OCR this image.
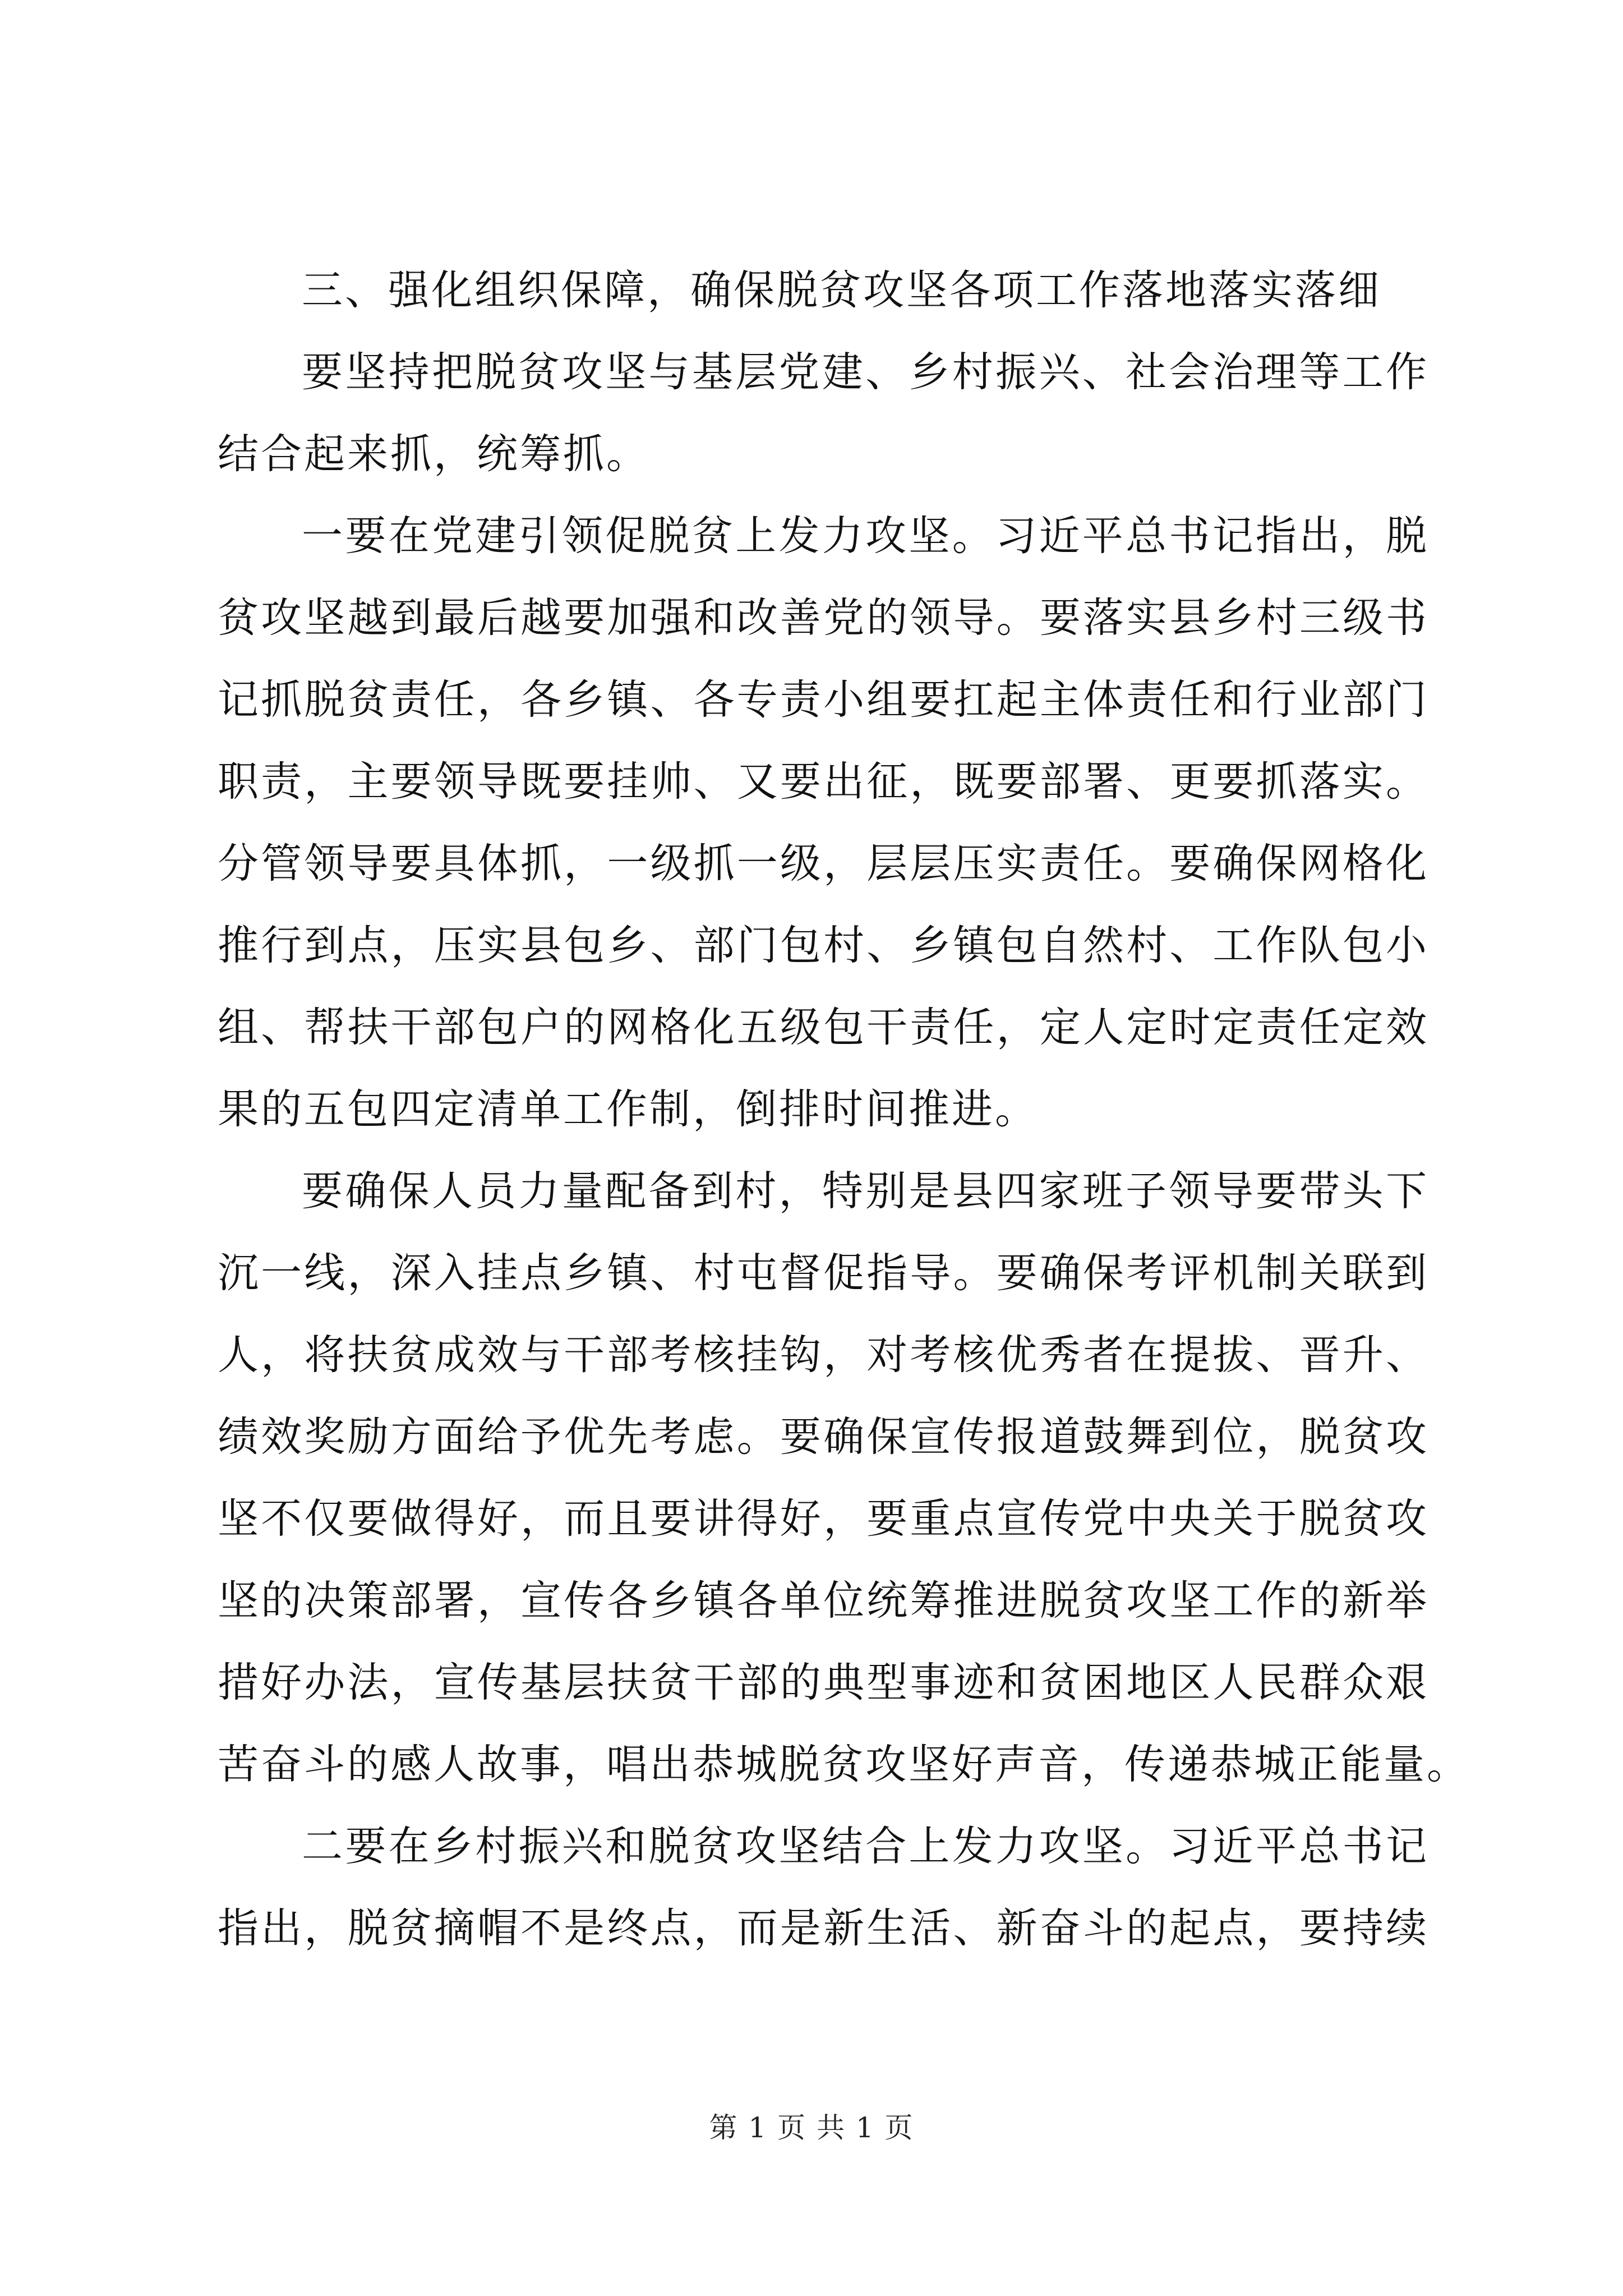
三、强化组织保障，确保脱贫攻坚各项工作落地落实落细
要坚持把脱贫攻坚与基层党建、乡村振兴、社会治理等工作
结合起来抓，统筹抓。
一要在党建引领促脱贫上发力攻坚。习近平总书记指出，脱
贫攻坚越到最后越要加强和改善党的领导。要落实县乡村三级书
记抓脱贫责任，各乡镇、各专责小组要扛起主体责任和行业部门
职责，主要领导既要挂帅、又要出征，既要部署、更要抓落实。
分管领导要具体抓，一级抓一级，层层压实责任。要确保网格化
推行到点，压实县包乡、部门包村、乡镇包自然村、工作队包小
组、帮扶干部包户的网格化五级包干责任，定人定时定责任定效
果的五包四定清单工作制，倒排时间推进。
要确保人员力量配备到村，特别是县四家班子领导要带头下
沉一线，深入挂点乡镇、村屯督促指导。要确保考评机制关联到
人，将扶贫成效与干部考核挂钩，对考核优秀者在提拔、晋升、
绩效奖励方面给予优先考虑。要确保宣传报道鼓舞到位，脱贫攻
坚不仅要做得好，而且要讲得好，要重点宣传党中央关于脱贫攻
坚的决策部署，宣传各乡镇各单位统筹推进脱贫攻坚工作的新举
措好办法，宣传基层扶贫干部的典型事迹和贫困地区人民群众艰
苦奋斗的感人故事，唱出恭城脱贫攻坚好声音，传递恭城正能量。
二要在乡村振兴和脱贫攻坚结合上发力攻坚。习近平总书记
指出，脱贫摘帽不是终点，而是新生活、新奋斗的起点，要持续
第 1 页 共 1 页
